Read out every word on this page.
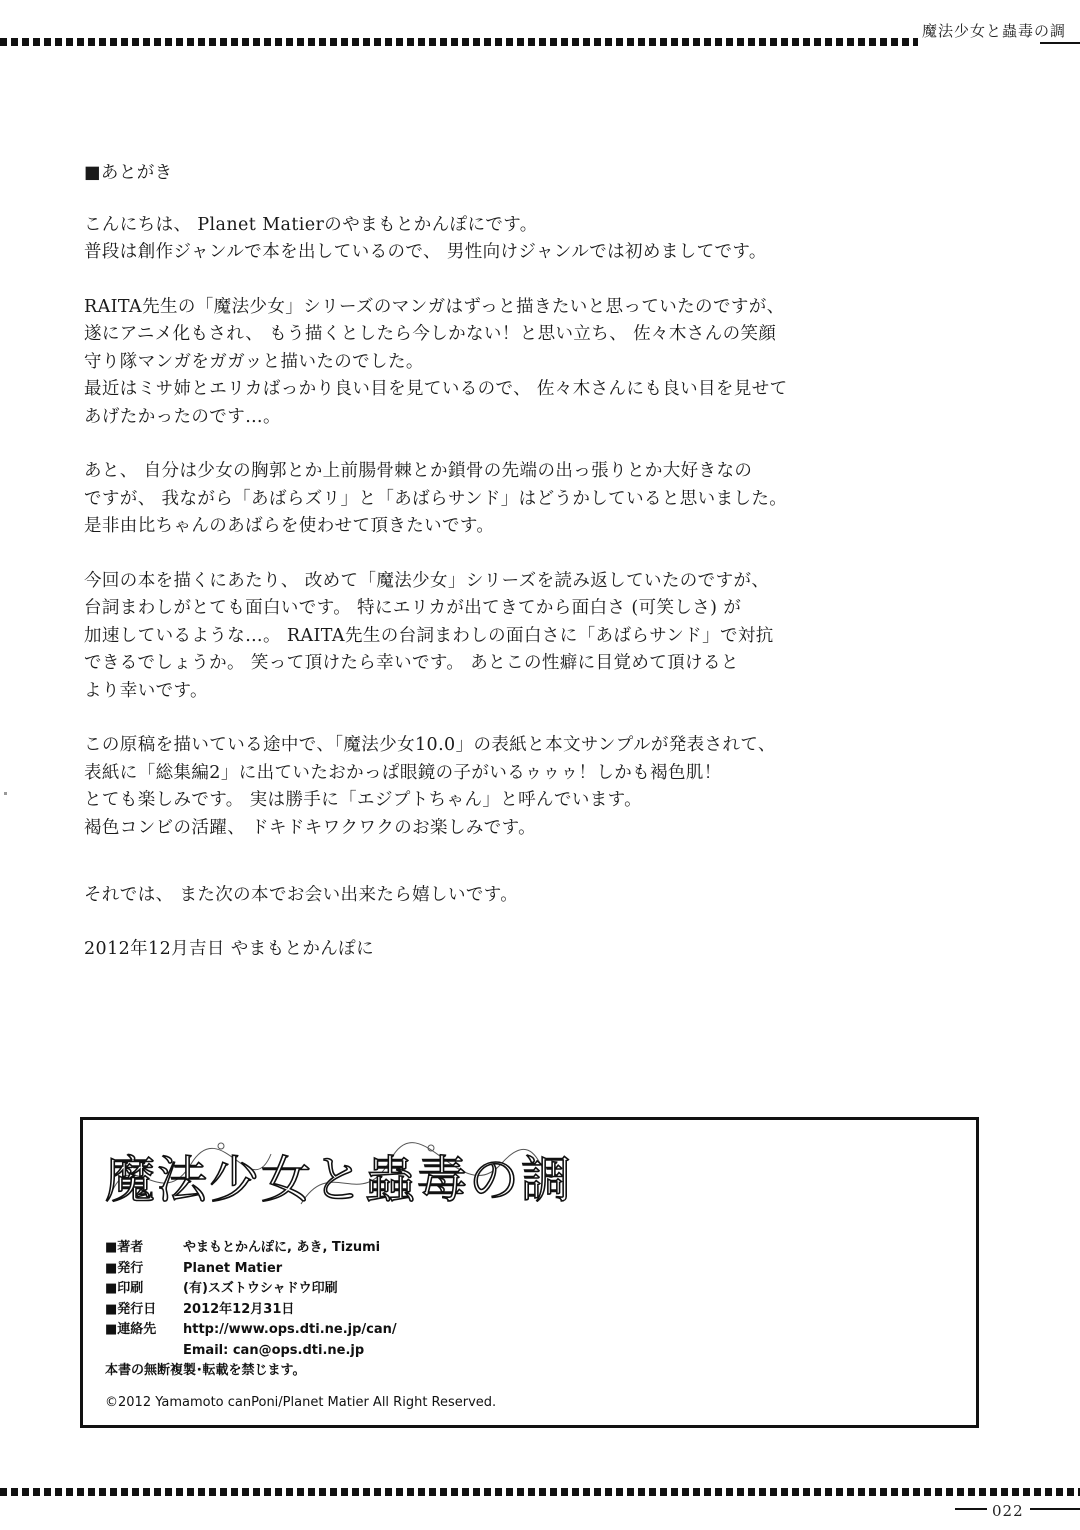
魔法少女と蟲毒の調
■あとがき

こんにちは、 Planet Matierのやまもとかんぽにです。
普段は創作ジャンルで本を出しているので、 男性向けジャンルでは初めましてです。

RAITA先生の「魔法少女」シリーズのマンガはずっと描きたいと思っていたのですが、
遂にアニメ化もされ、 もう描くとしたら今しかない！と思い立ち、 佐々木さんの笑顔
守り隊マンガをガガッと描いたのでした。
最近はミサ姉とエリカばっかり良い目を見ているので、 佐々木さんにも良い目を見せて
あげたかったのです…。

あと、 自分は少女の胸郭とか上前腸骨棘とか鎖骨の先端の出っ張りとか大好きなの
ですが、 我ながら「あばらズリ」と「あばらサンド」はどうかしていると思いました。
是非由比ちゃんのあばらを使わせて頂きたいです。

今回の本を描くにあたり、 改めて「魔法少女」シリーズを読み返していたのですが、
台詞まわしがとても面白いです。 特にエリカが出てきてから面白さ (可笑しさ) が
加速しているような…。 RAITA先生の台詞まわしの面白さに「あばらサンド」で対抗
できるでしょうか。 笑って頂けたら幸いです。 あとこの性癖に目覚めて頂けると
より幸いです。

この原稿を描いている途中で、「魔法少女10.0」の表紙と本文サンプルが発表されて、
表紙に「総集編2」に出ていたおかっぱ眼鏡の子がいるゥゥゥ！しかも褐色肌！
とても楽しみです。 実は勝手に「エジプトちゃん」と呼んでいます。
褐色コンビの活躍、 ドキドキワクワクのお楽しみです。

それでは、 また次の本でお会い出来たら嬉しいです。
2012年12月吉日 やまもとかんぽに
魔法少女と蟲毒の調
■著者	やまもとかんぽに, あき, Tizumi
■発行	Planet Matier
■印刷	(有)スズトウシャドウ印刷
■発行日	2012年12月31日
■連絡先	http://www.ops.dti.ne.jp/can/
Email: can@ops.dti.ne.jp
本書の無断複製･転載を禁じます。
©2012 Yamamoto canPoni/Planet Matier All Right Reserved.
022
